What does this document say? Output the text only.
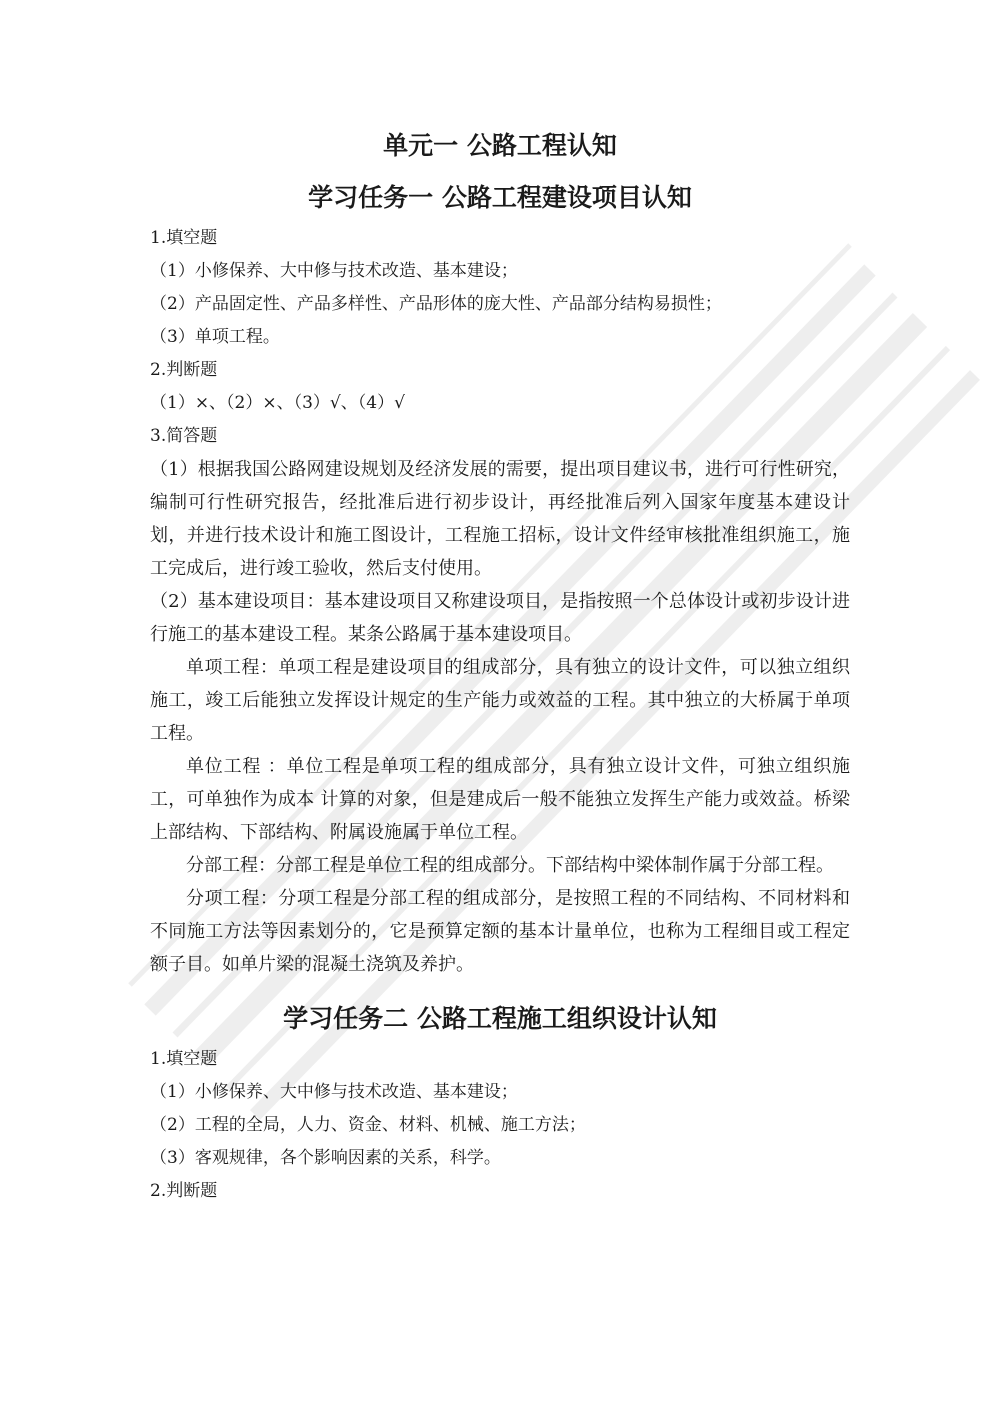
单元一 公路工程认知
学习任务一 公路工程建设项目认知

1.填空题

（1）小修保养、大中修与技术改造、基本建设；

（2）产品固定性、产品多样性、产品形体的庞大性、产品部分结构易损性；

（3）单项工程。

2.判断题

（1）×、（2）×、（3）√、（4）√

3.简答题

（1）根据我国公路网建设规划及经济发展的需要，提出项目建议书，进行可行性研究，编制可行性研究报告，经批准后进行初步设计，再经批准后列入国家年度基本建设计划，并进行技术设计和施工图设计，工程施工招标，设计文件经审核批准组织施工，施工完成后，进行竣工验收，然后支付使用。

（2）基本建设项目：基本建设项目又称建设项目，是指按照一个总体设计或初步设计进行施工的基本建设工程。某条公路属于基本建设项目。

单项工程：单项工程是建设项目的组成部分，具有独立的设计文件，可以独立组织施工，竣工后能独立发挥设计规定的生产能力或效益的工程。其中独立的大桥属于单项工程。

单位工程 ：单位工程是单项工程的组成部分，具有独立设计文件，可独立组织施工，可单独作为成本 计算的对象，但是建成后一般不能独立发挥生产能力或效益。桥梁上部结构、下部结构、附属设施属于单位工程。

分部工程：分部工程是单位工程的组成部分。下部结构中梁体制作属于分部工程。

分项工程：分项工程是分部工程的组成部分，是按照工程的不同结构、不同材料和不同施工方法等因素划分的，它是预算定额的基本计量单位，也称为工程细目或工程定额子目。如单片梁的混凝土浇筑及养护。

学习任务二 公路工程施工组织设计认知

1.填空题

（1）小修保养、大中修与技术改造、基本建设；

（2）工程的全局，人力、资金、材料、机械、施工方法；

（3）客观规律，各个影响因素的关系，科学。

2.判断题
